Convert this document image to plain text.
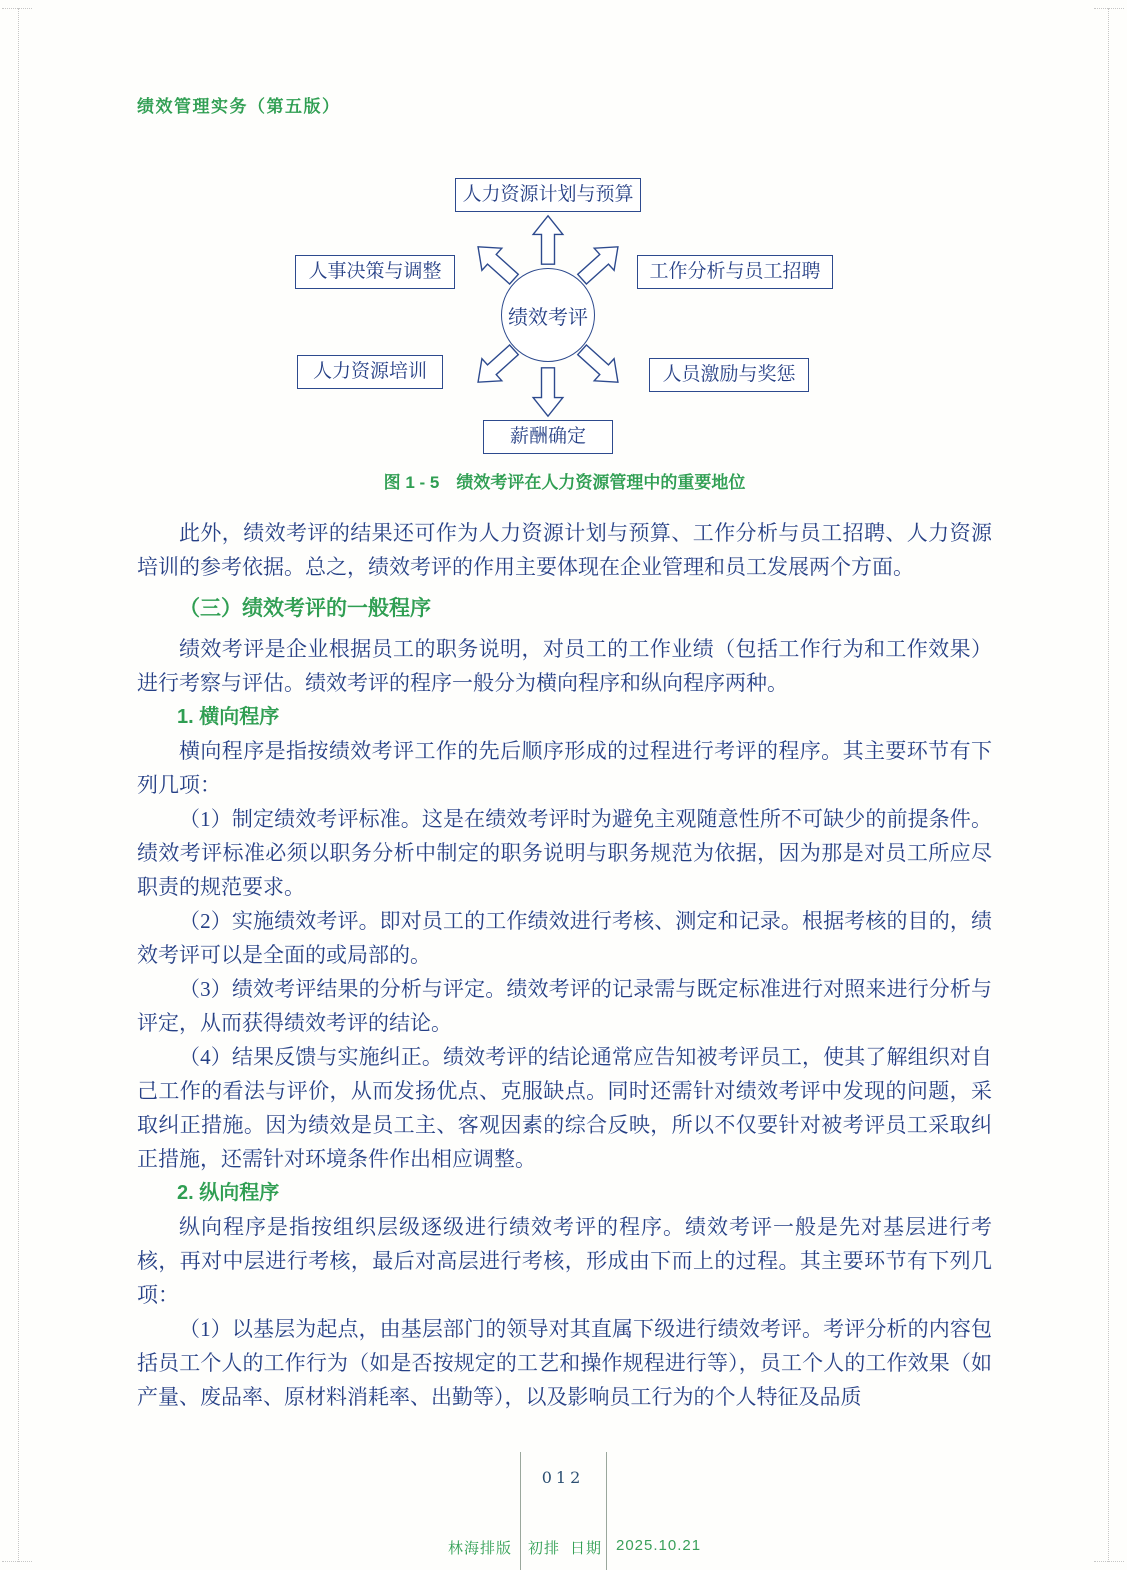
绩效管理实务（第五版）
人力资源计划与预算
人事决策与调整	工作分析与员工招聘
人力资源培训	人员激励与奖惩
薪酬确定
绩效考评
图 1 - 5　绩效考评在人力资源管理中的重要地位

此外，绩效考评的结果还可作为人力资源计划与预算、工作分析与员工招聘、人力资源培训的参考依据。总之，绩效考评的作用主要体现在企业管理和员工发展两个方面。

（三）绩效考评的一般程序

绩效考评是企业根据员工的职务说明，对员工的工作业绩（包括工作行为和工作效果）进行考察与评估。绩效考评的程序一般分为横向程序和纵向程序两种。

1. 横向程序

横向程序是指按绩效考评工作的先后顺序形成的过程进行考评的程序。其主要环节有下列几项：

（1）制定绩效考评标准。这是在绩效考评时为避免主观随意性所不可缺少的前提条件。绩效考评标准必须以职务分析中制定的职务说明与职务规范为依据，因为那是对员工所应尽职责的规范要求。

（2）实施绩效考评。即对员工的工作绩效进行考核、测定和记录。根据考核的目的，绩效考评可以是全面的或局部的。

（3）绩效考评结果的分析与评定。绩效考评的记录需与既定标准进行对照来进行分析与评定，从而获得绩效考评的结论。

（4）结果反馈与实施纠正。绩效考评的结论通常应告知被考评员工，使其了解组织对自己工作的看法与评价，从而发扬优点、克服缺点。同时还需针对绩效考评中发现的问题，采取纠正措施。因为绩效是员工主、客观因素的综合反映，所以不仅要针对被考评员工采取纠正措施，还需针对环境条件作出相应调整。

2. 纵向程序

纵向程序是指按组织层级逐级进行绩效考评的程序。绩效考评一般是先对基层进行考核，再对中层进行考核，最后对高层进行考核，形成由下而上的过程。其主要环节有下列几项：

（1）以基层为起点，由基层部门的领导对其直属下级进行绩效考评。考评分析的内容包括员工个人的工作行为（如是否按规定的工艺和操作规程进行等），员工个人的工作效果（如产量、废品率、原材料消耗率、出勤等），以及影响员工行为的个人特征及品质

012
林海排版 初排 日期 2025.10.21
